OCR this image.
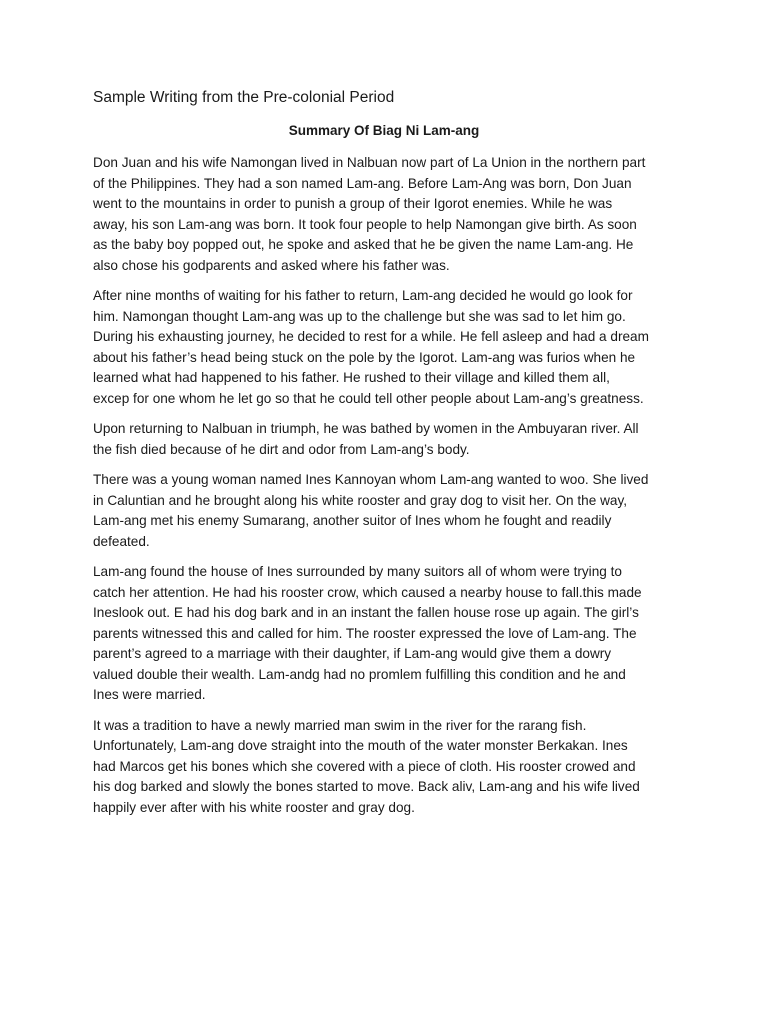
Sample Writing from the Pre-colonial Period
Summary Of Biag Ni Lam-ang

Don Juan and his wife Namongan lived in Nalbuan now part of La Union in the northern part
of the Philippines. They had a son named Lam-ang. Before Lam-Ang was born, Don Juan
went to the mountains in order to punish a group of their Igorot enemies. While he was
away, his son Lam-ang was born. It took four people to help Namongan give birth. As soon
as the baby boy popped out, he spoke and asked that he be given the name Lam-ang. He
also chose his godparents and asked where his father was.

After nine months of waiting for his father to return, Lam-ang decided he would go look for
him. Namongan thought Lam-ang was up to the challenge but she was sad to let him go.
During his exhausting journey, he decided to rest for a while. He fell asleep and had a dream
about his father’s head being stuck on the pole by the Igorot. Lam-ang was furios when he
learned what had happened to his father. He rushed to their village and killed them all,
excep for one whom he let go so that he could tell other people about Lam-ang’s greatness.

Upon returning to Nalbuan in triumph, he was bathed by women in the Ambuyaran river. All
the fish died because of he dirt and odor from Lam-ang’s body.

There was a young woman named Ines Kannoyan whom Lam-ang wanted to woo. She lived
in Caluntian and he brought along his white rooster and gray dog to visit her. On the way,
Lam-ang met his enemy Sumarang, another suitor of Ines whom he fought and readily
defeated.

Lam-ang found the house of Ines surrounded by many suitors all of whom were trying to
catch her attention. He had his rooster crow, which caused a nearby house to fall.this made
Ineslook out. E had his dog bark and in an instant the fallen house rose up again. The girl’s
parents witnessed this and called for him. The rooster expressed the love of Lam-ang. The
parent’s agreed to a marriage with their daughter, if Lam-ang would give them a dowry
valued double their wealth. Lam-andg had no promlem fulfilling this condition and he and
Ines were married.

It was a tradition to have a newly married man swim in the river for the rarang fish.
Unfortunately, Lam-ang dove straight into the mouth of the water monster Berkakan. Ines
had Marcos get his bones which she covered with a piece of cloth. His rooster crowed and
his dog barked and slowly the bones started to move. Back aliv, Lam-ang and his wife lived
happily ever after with his white rooster and gray dog.
